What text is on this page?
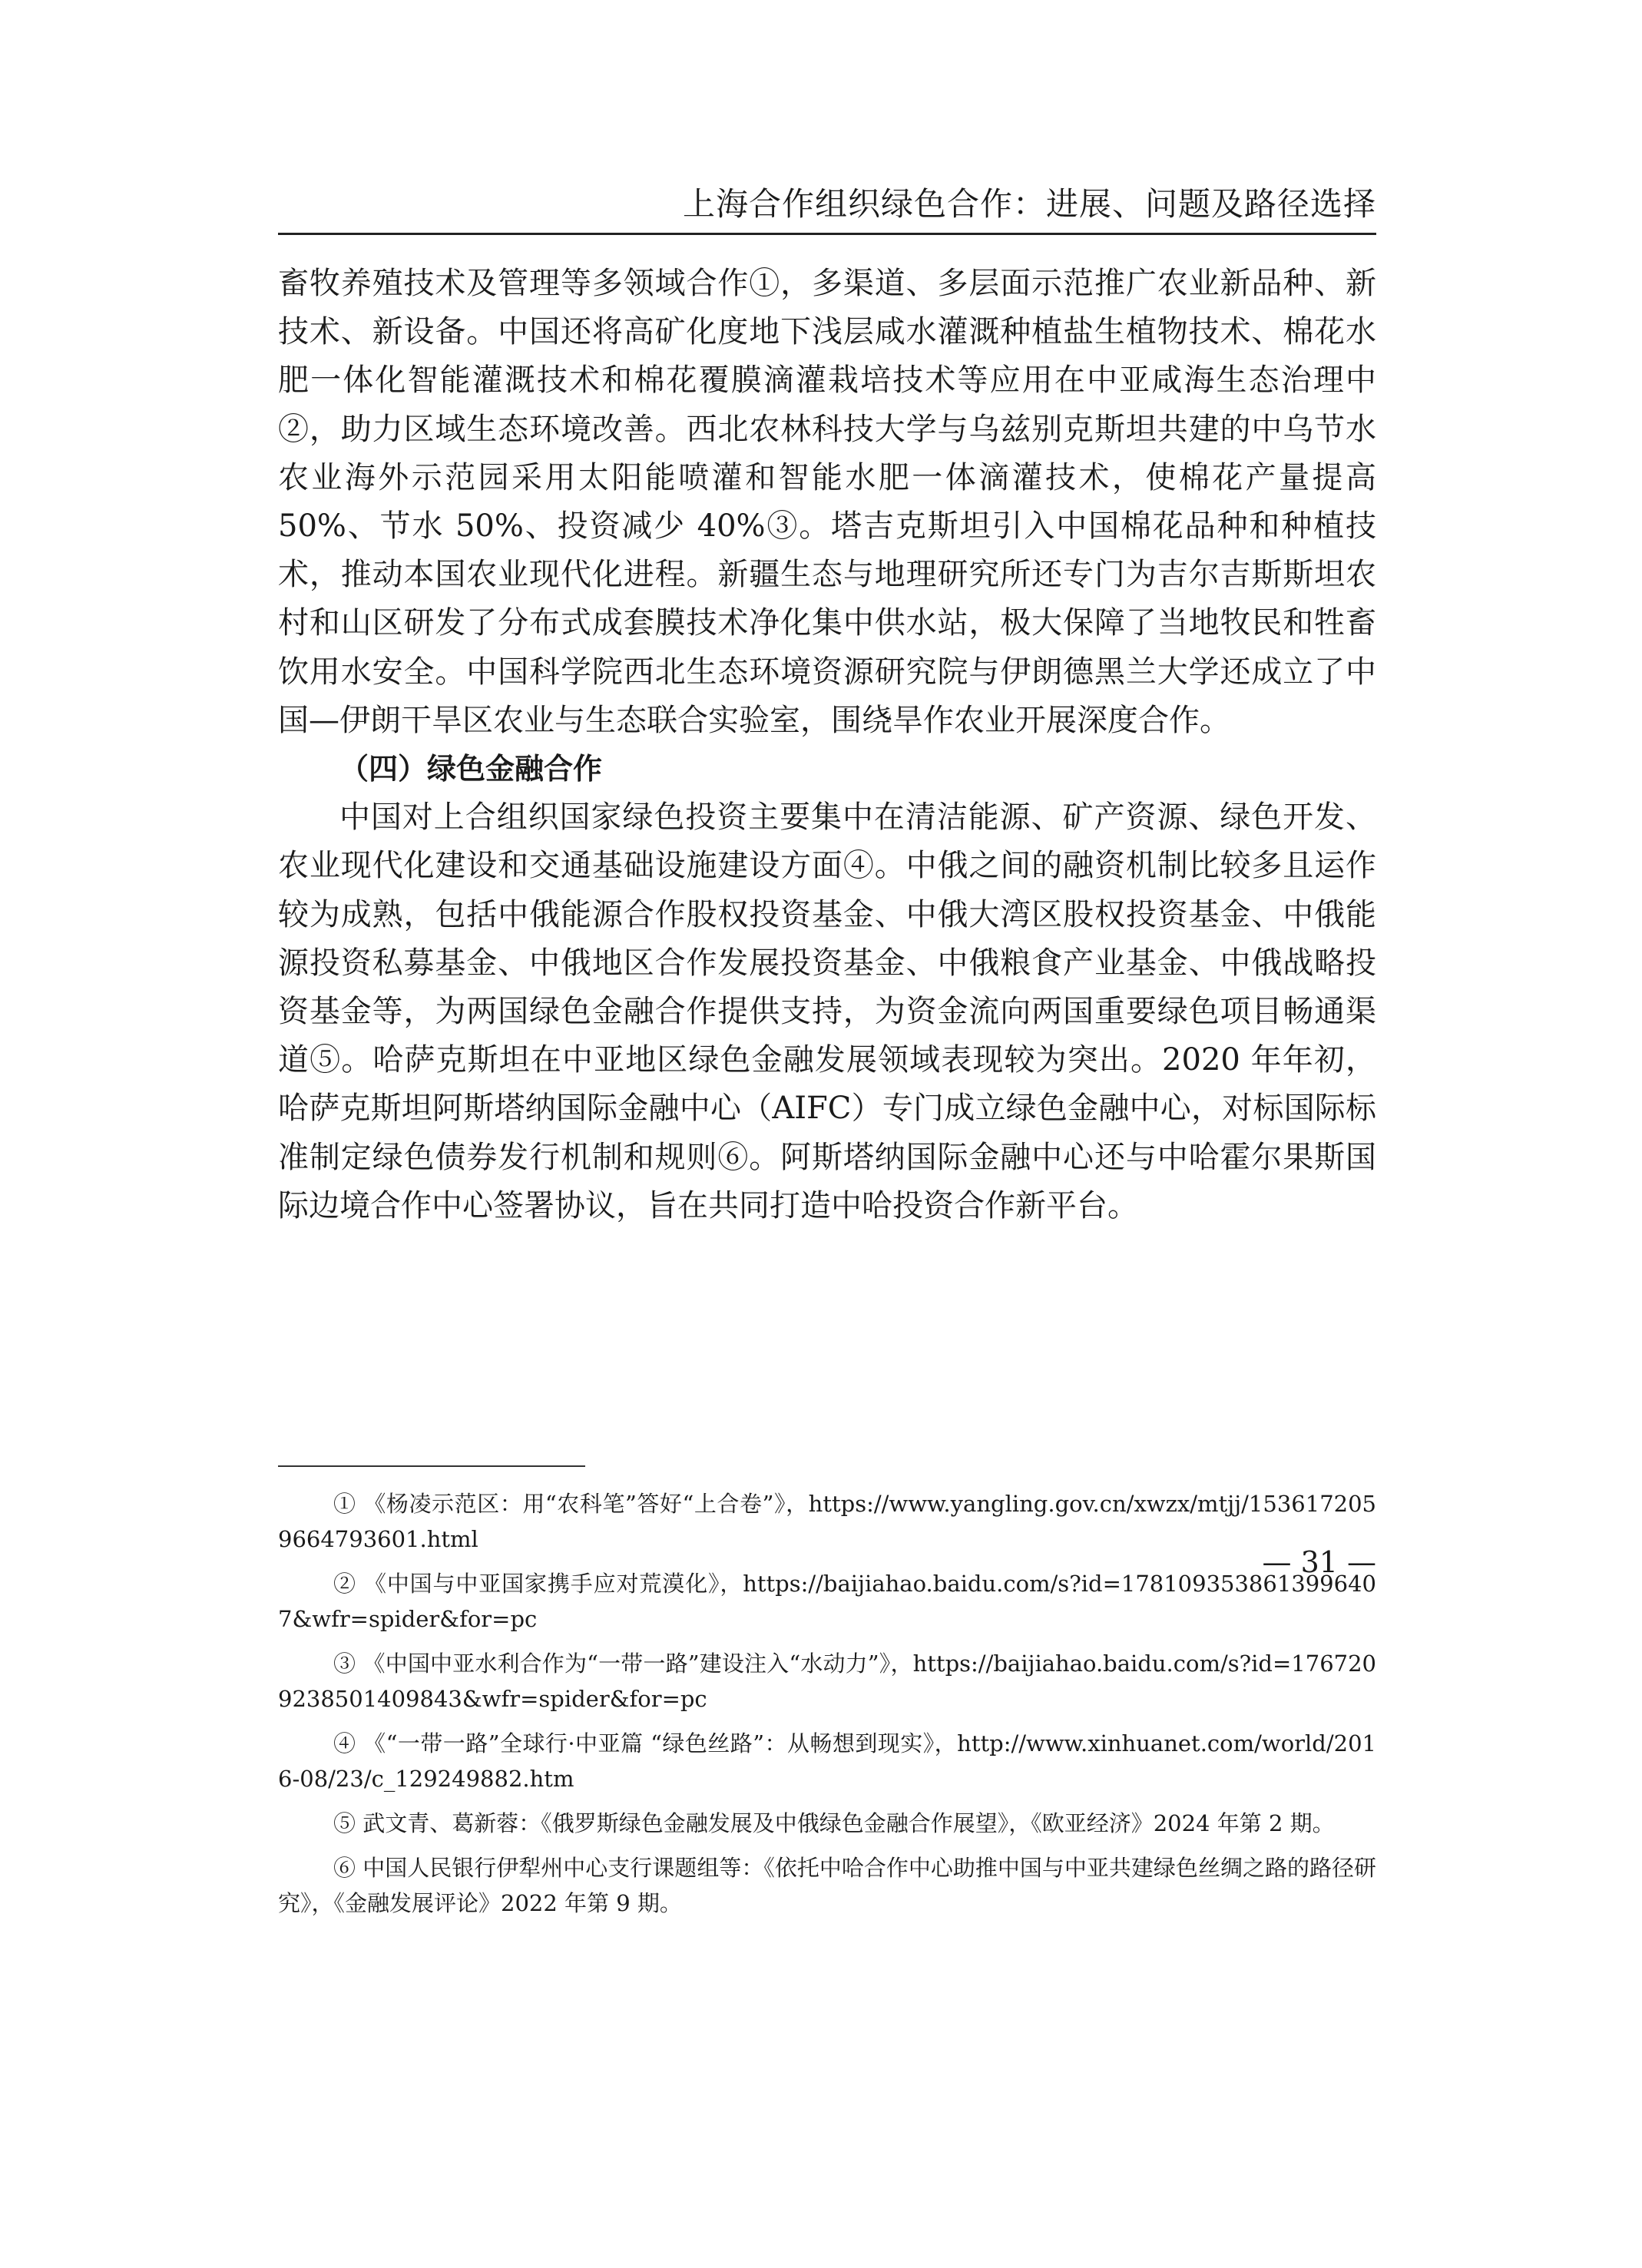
上海合作组织绿色合作：进展、问题及路径选择

畜牧养殖技术及管理等多领域合作①，多渠道、多层面示范推广农业新品种、新技术、新设备。中国还将高矿化度地下浅层咸水灌溉种植盐生植物技术、棉花水肥一体化智能灌溉技术和棉花覆膜滴灌栽培技术等应用在中亚咸海生态治理中②，助力区域生态环境改善。西北农林科技大学与乌兹别克斯坦共建的中乌节水农业海外示范园采用太阳能喷灌和智能水肥一体滴灌技术，使棉花产量提高 50%、节水 50%、投资减少 40%③。塔吉克斯坦引入中国棉花品种和种植技术，推动本国农业现代化进程。新疆生态与地理研究所还专门为吉尔吉斯斯坦农村和山区研发了分布式成套膜技术净化集中供水站，极大保障了当地牧民和牲畜饮用水安全。中国科学院西北生态环境资源研究院与伊朗德黑兰大学还成立了中国—伊朗干旱区农业与生态联合实验室，围绕旱作农业开展深度合作。

（四）绿色金融合作

中国对上合组织国家绿色投资主要集中在清洁能源、矿产资源、绿色开发、农业现代化建设和交通基础设施建设方面④。中俄之间的融资机制比较多且运作较为成熟，包括中俄能源合作股权投资基金、中俄大湾区股权投资基金、中俄能源投资私募基金、中俄地区合作发展投资基金、中俄粮食产业基金、中俄战略投资基金等，为两国绿色金融合作提供支持，为资金流向两国重要绿色项目畅通渠道⑤。哈萨克斯坦在中亚地区绿色金融发展领域表现较为突出。2020 年年初，哈萨克斯坦阿斯塔纳国际金融中心（AIFC）专门成立绿色金融中心，对标国际标准制定绿色债券发行机制和规则⑥。阿斯塔纳国际金融中心还与中哈霍尔果斯国际边境合作中心签署协议，旨在共同打造中哈投资合作新平台。

① 《杨凌示范区：用“农科笔”答好“上合卷”》，https://www.yangling.gov.cn/xwzx/mtjj/1536172059664793601.html

② 《中国与中亚国家携手应对荒漠化》，https://baijiahao.baidu.com/s?id=1781093538613996407&wfr=spider&for=pc

③ 《中国中亚水利合作为“一带一路”建设注入“水动力”》，https://baijiahao.baidu.com/s?id=1767209238501409843&wfr=spider&for=pc

④ 《“一带一路”全球行·中亚篇 “绿色丝路”：从畅想到现实》，http://www.xinhuanet.com/world/2016-08/23/c_129249882.htm

⑤ 武文青、葛新蓉：《俄罗斯绿色金融发展及中俄绿色金融合作展望》，《欧亚经济》2024 年第 2 期。

⑥ 中国人民银行伊犁州中心支行课题组等：《依托中哈合作中心助推中国与中亚共建绿色丝绸之路的路径研究》，《金融发展评论》2022 年第 9 期。

— 31 —
